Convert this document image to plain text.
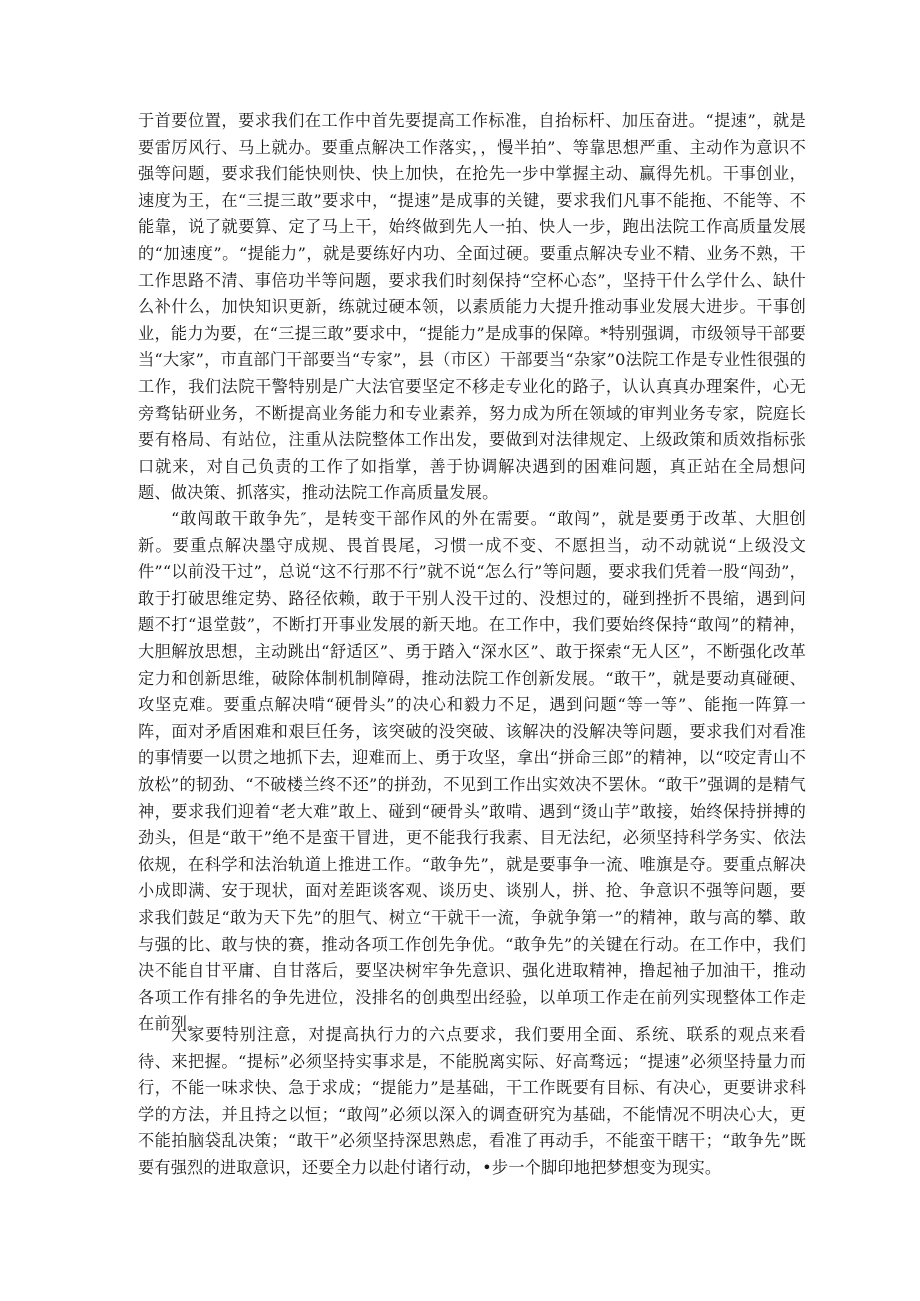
于首要位置，要求我们在工作中首先要提高工作标准，自抬标杆、加压奋进。“提速”，就是要雷厉风行、马上就办。要重点解决工作落实，，慢半拍”、等靠思想严重、主动作为意识不强等问题，要求我们能快则快、快上加快，在抢先一步中掌握主动、赢得先机。干事创业，速度为王，在“三提三敢”要求中，“提速”是成事的关键，要求我们凡事不能拖、不能等、不能靠，说了就要算、定了马上干，始终做到先人一拍、快人一步，跑出法院工作高质量发展的“加速度”。“提能力”，就是要练好内功、全面过硬。要重点解决专业不精、业务不熟，干工作思路不清、事倍功半等问题，要求我们时刻保持“空杯心态”，坚持干什么学什么、缺什么补什么，加快知识更新，练就过硬本领，以素质能力大提升推动事业发展大进步。干事创业，能力为要，在“三提三敢”要求中，“提能力”是成事的保障。*特别强调，市级领导干部要当“大家”，市直部门干部要当“专家”，县（市区）干部要当“杂家”0法院工作是专业性很强的工作，我们法院干警特别是广大法官要坚定不移走专业化的路子，认认真真办理案件，心无旁骛钻研业务，不断提高业务能力和专业素养，努力成为所在领域的审判业务专家，院庭长要有格局、有站位，注重从法院整体工作出发，要做到对法律规定、上级政策和质效指标张口就来，对自己负责的工作了如指掌，善于协调解决遇到的困难问题，真正站在全局想问题、做决策、抓落实，推动法院工作高质量发展。

“敢闯敢干敢争先″，是转变干部作风的外在需要。“敢闯”，就是要勇于改革、大胆创新。要重点解决墨守成规、畏首畏尾，习惯一成不变、不愿担当，动不动就说“上级没文件”“以前没干过”，总说“这不行那不行”就不说“怎么行”等问题，要求我们凭着一股“闯劲”，敢于打破思维定势、路径依赖，敢于干别人没干过的、没想过的，碰到挫折不畏缩，遇到问题不打“退堂鼓”，不断打开事业发展的新天地。在工作中，我们要始终保持“敢闯”的精神，大胆解放思想，主动跳出“舒适区”、勇于踏入“深水区”、敢于探索“无人区”，不断强化改革定力和创新思维，破除体制机制障碍，推动法院工作创新发展。“敢干”，就是要动真碰硬、攻坚克难。要重点解决啃“硬骨头”的决心和毅力不足，遇到问题“等一等”、能拖一阵算一阵，面对矛盾困难和艰巨任务，该突破的没突破、该解决的没解决等问题，要求我们对看准的事情要一以贯之地抓下去，迎难而上、勇于攻坚，拿出“拼命三郎”的精神，以“咬定青山不放松”的韧劲、“不破楼兰终不还”的拼劲，不见到工作出实效决不罢休。“敢干”强调的是精气神，要求我们迎着“老大难”敢上、碰到“硬骨头”敢啃、遇到“烫山芋”敢接，始终保持拼搏的劲头，但是“敢干”绝不是蛮干冒进，更不能我行我素、目无法纪，必须坚持科学务实、依法依规，在科学和法治轨道上推进工作。“敢争先”，就是要事争一流、唯旗是夺。要重点解决小成即满、安于现状，面对差距谈客观、谈历史、谈别人，拼、抢、争意识不强等问题，要求我们鼓足“敢为天下先”的胆气、树立“干就干一流，争就争第一”的精神，敢与高的攀、敢与强的比、敢与快的赛，推动各项工作创先争优。“敢争先”的关键在行动。在工作中，我们决不能自甘平庸、自甘落后，要坚决树牢争先意识、强化进取精神，撸起袖子加油干，推动各项工作有排名的争先进位，没排名的创典型出经验，以单项工作走在前列实现整体工作走在前列。

大家要特别注意，对提高执行力的六点要求，我们要用全面、系统、联系的观点来看待、来把握。“提标”必须坚持实事求是，不能脱离实际、好高骛远；“提速”必须坚持量力而行，不能一味求快、急于求成；“提能力”是基础，干工作既要有目标、有决心，更要讲求科学的方法，并且持之以恒；“敢闯”必须以深入的调查研究为基础，不能情况不明决心大，更不能拍脑袋乱决策；“敢干”必须坚持深思熟虑，看准了再动手，不能蛮干瞎干；“敢争先”既要有强烈的进取意识，还要全力以赴付诸行动，•步一个脚印地把梦想变为现实。
